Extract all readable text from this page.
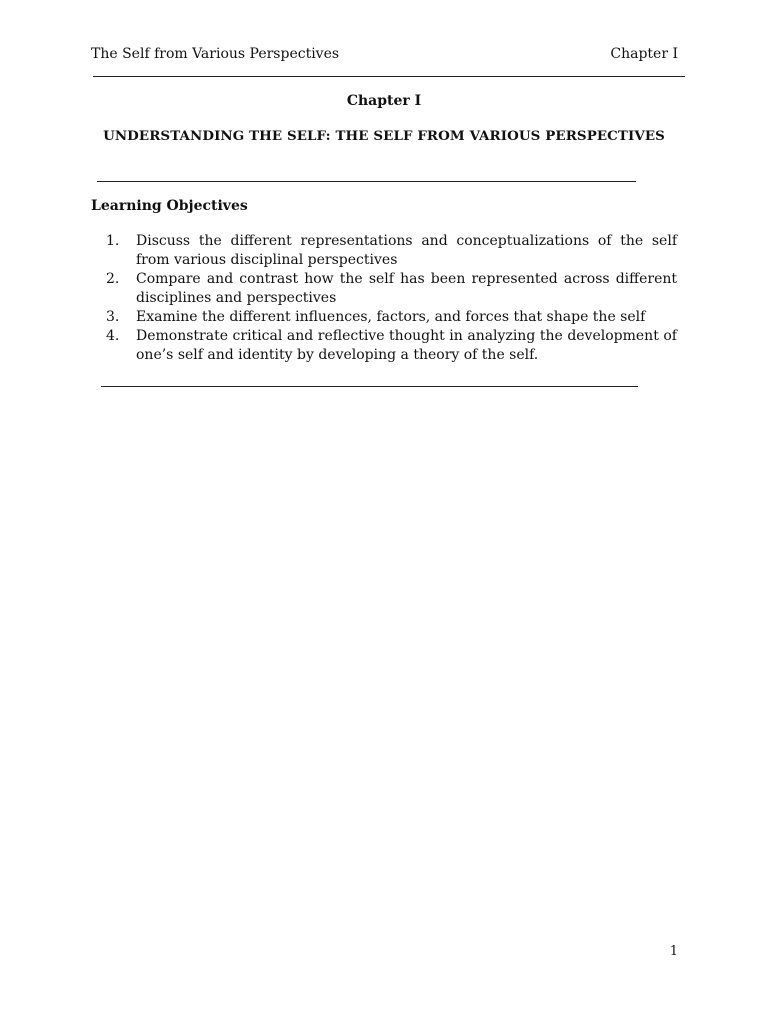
The Self from Various Perspectives	Chapter I
Chapter I
UNDERSTANDING THE SELF: THE SELF FROM VARIOUS PERSPECTIVES
Learning Objectives
1. Discuss the different representations and conceptualizations of the self from various disciplinal perspectives
2. Compare and contrast how the self has been represented across different disciplines and perspectives
3. Examine the different influences, factors, and forces that shape the self
4. Demonstrate critical and reflective thought in analyzing the development of one’s self and identity by developing a theory of the self.
1
